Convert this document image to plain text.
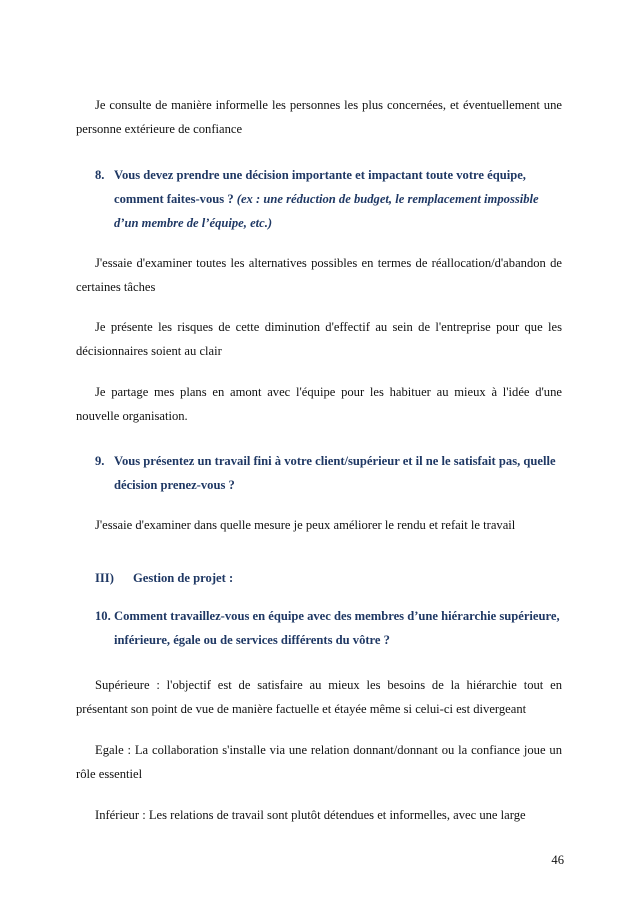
Je consulte de manière informelle les personnes les plus concernées, et éventuellement une personne extérieure de confiance

8. Vous devez prendre une décision importante et impactant toute votre équipe, comment faites-vous ? (ex : une réduction de budget, le remplacement impossible d’un membre de l’équipe, etc.)

J'essaie d'examiner toutes les alternatives possibles en termes de réallocation/d'abandon de certaines tâches

Je présente les risques de cette diminution d'effectif au sein de l'entreprise pour que les décisionnaires soient au clair

Je partage mes plans en amont avec l'équipe pour les habituer au mieux à l'idée d'une nouvelle organisation.

9. Vous présentez un travail fini à votre client/supérieur et il ne le satisfait pas, quelle décision prenez-vous ?

J'essaie d'examiner dans quelle mesure je peux améliorer le rendu et refait le travail

III) Gestion de projet :
10. Comment travaillez-vous en équipe avec des membres d’une hiérarchie supérieure, inférieure, égale ou de services différents du vôtre ?

Supérieure : l'objectif est de satisfaire au mieux les besoins de la hiérarchie tout en présentant son point de vue de manière factuelle et étayée même si celui-ci est divergeant

Egale : La collaboration s'installe via une relation donnant/donnant ou la confiance joue un rôle essentiel

Inférieur : Les relations de travail sont plutôt détendues et informelles, avec une large

46
